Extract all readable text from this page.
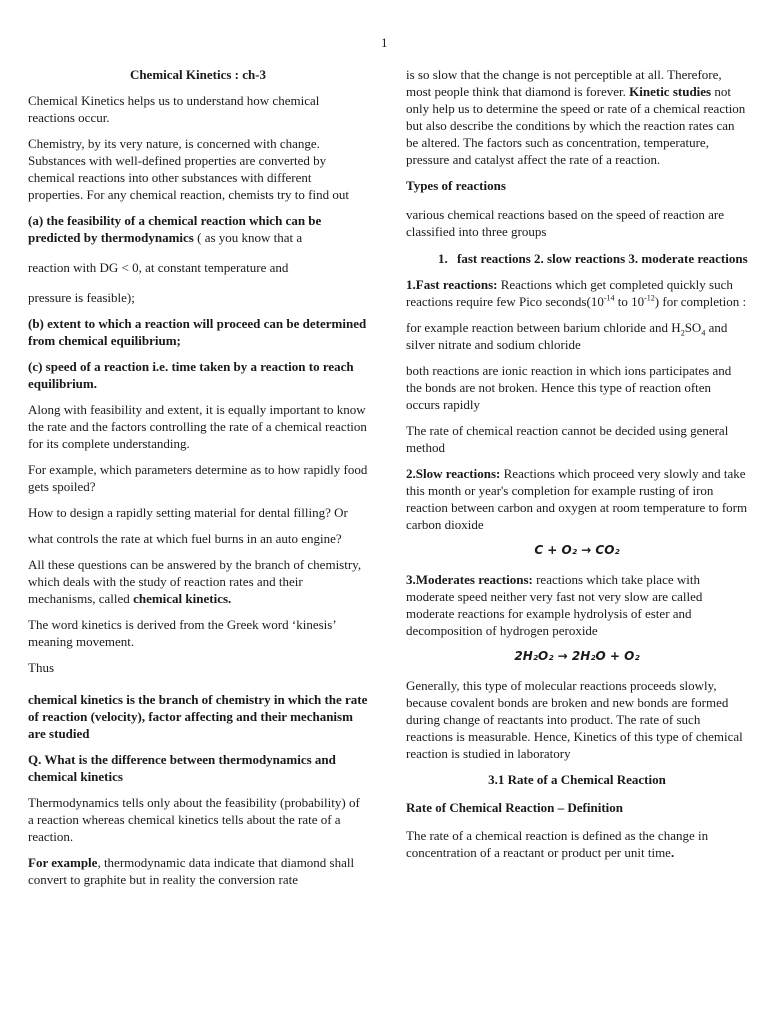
1

Chemical Kinetics : ch-3

Chemical Kinetics helps us to understand how chemical reactions occur.

Chemistry, by its very nature, is concerned with change. Substances with well-defined properties are converted by chemical reactions into other substances with different properties. For any chemical reaction, chemists try to find out

(a) the feasibility of a chemical reaction which can be predicted by thermodynamics ( as you know that a

reaction with DG < 0, at constant temperature and

pressure is feasible);

(b) extent to which a reaction will proceed can be determined from chemical equilibrium;

(c) speed of a reaction i.e. time taken by a reaction to reach equilibrium.

Along with feasibility and extent, it is equally important to know the rate and the factors controlling the rate of a chemical reaction for its complete understanding.

For example, which parameters determine as to how rapidly food gets spoiled?

How to design a rapidly setting material for dental filling? Or

what controls the rate at which fuel burns in an auto engine?

All these questions can be answered by the branch of chemistry, which deals with the study of reaction rates and their mechanisms, called chemical kinetics.

The word kinetics is derived from the Greek word ‘kinesis’ meaning movement.

Thus

chemical kinetics is the branch of chemistry in which the rate of reaction (velocity), factor affecting and their mechanism are studied

Q. What is the difference between thermodynamics and chemical kinetics

Thermodynamics tells only about the feasibility (probability) of a reaction whereas chemical kinetics tells about the rate of a reaction.

For example, thermodynamic data indicate that diamond shall convert to graphite but in reality the conversion rate

is so slow that the change is not perceptible at all. Therefore, most people think that diamond is forever. Kinetic studies not only help us to determine the speed or rate of a chemical reaction but also describe the conditions by which the reaction rates can be altered. The factors such as concentration, temperature, pressure and catalyst affect the rate of a reaction.

Types of reactions

various chemical reactions based on the speed of reaction are classified into three groups

1. fast reactions 2. slow reactions 3. moderate reactions

1.Fast reactions: Reactions which get completed quickly such reactions require few Pico $seconds(10^{-14}$ to $10^{-12}$) for completion :

for example reaction between barium chloride and $H_2SO_4$ and silver nitrate and sodium chloride

both reactions are ionic reaction in which ions participates and the bonds are not broken. Hence this type of reaction often occurs rapidly

The rate of chemical reaction cannot be decided using general method

2.Slow reactions: Reactions which proceed very slowly and take this month or year's completion for example rusting of iron reaction between carbon and oxygen at room temperature to form carbon dioxide

C + O₂ → CO₂

3.Moderates reactions: reactions which take place with moderate speed neither very fast not very slow are called moderate reactions for example hydrolysis of ester and decomposition of hydrogen peroxide

2H₂O₂ → 2H₂O + O₂

Generally, this type of molecular reactions proceeds slowly, because covalent bonds are broken and new bonds are formed during change of reactants into product. The rate of such reactions is measurable. Hence, Kinetics of this type of chemical reaction is studied in laboratory

3.1 Rate of a Chemical Reaction

Rate of Chemical Reaction – Definition

The rate of a chemical reaction is defined as the change in concentration of a reactant or product per unit time.
